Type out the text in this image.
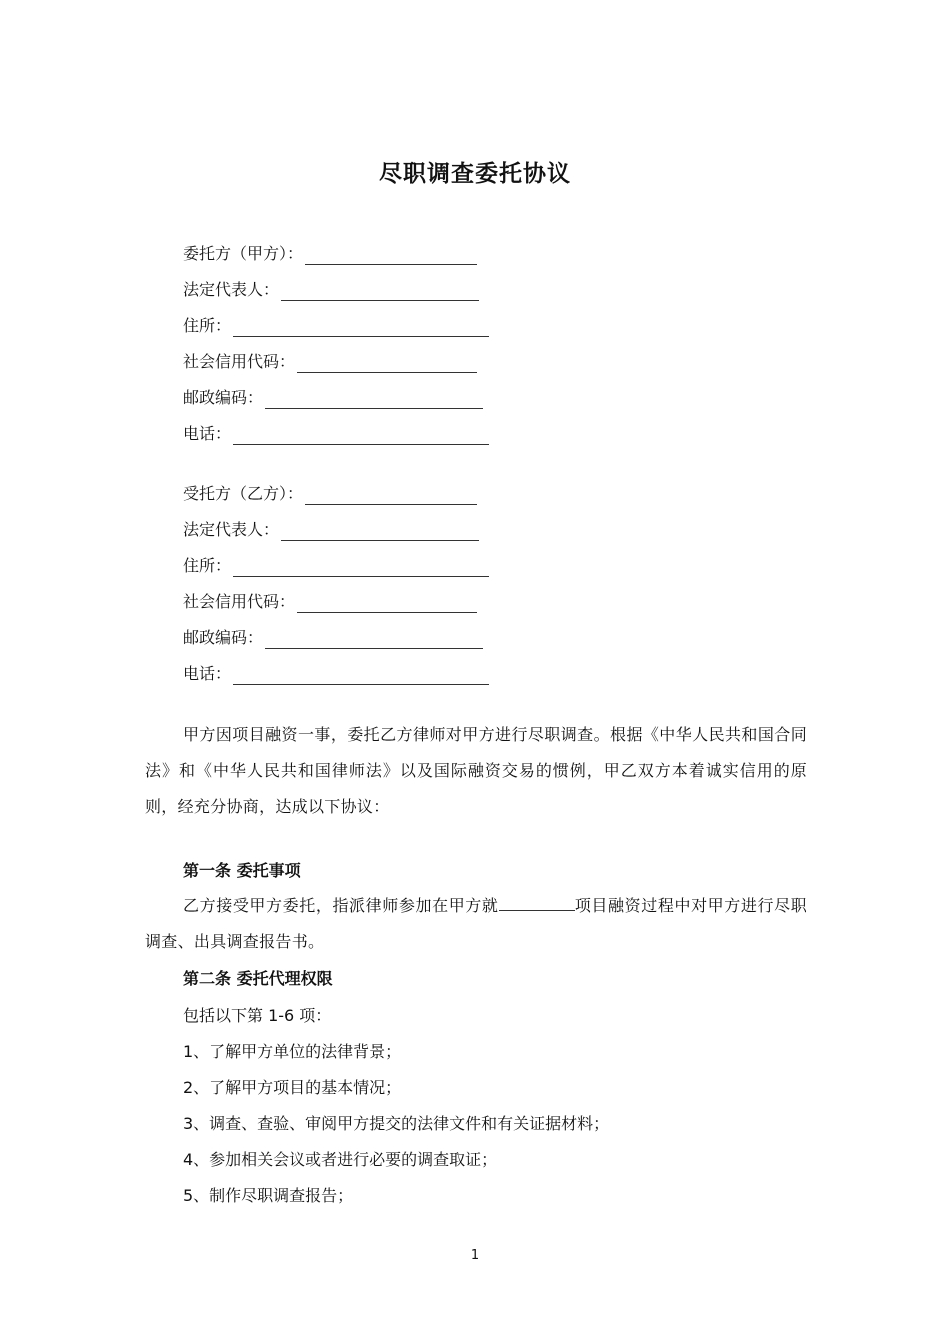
尽职调查委托协议
委托方（甲方）：
法定代表人：
住所：
社会信用代码：
邮政编码：
电话：
受托方（乙方）：
法定代表人：
住所：
社会信用代码：
邮政编码：
电话：
甲方因项目融资一事，委托乙方律师对甲方进行尽职调查。根据《中华人民共和国合同法》和《中华人民共和国律师法》以及国际融资交易的惯例，甲乙双方本着诚实信用的原则，经充分协商，达成以下协议：
第一条 委托事项
乙方接受甲方委托，指派律师参加在甲方就	项目融资过程中对甲方进行尽职调查、出具调查报告书。
第二条 委托代理权限
包括以下第 1-6 项：
1、了解甲方单位的法律背景；
2、了解甲方项目的基本情况；
3、调查、查验、审阅甲方提交的法律文件和有关证据材料；
4、参加相关会议或者进行必要的调查取证；
5、制作尽职调查报告；
1
